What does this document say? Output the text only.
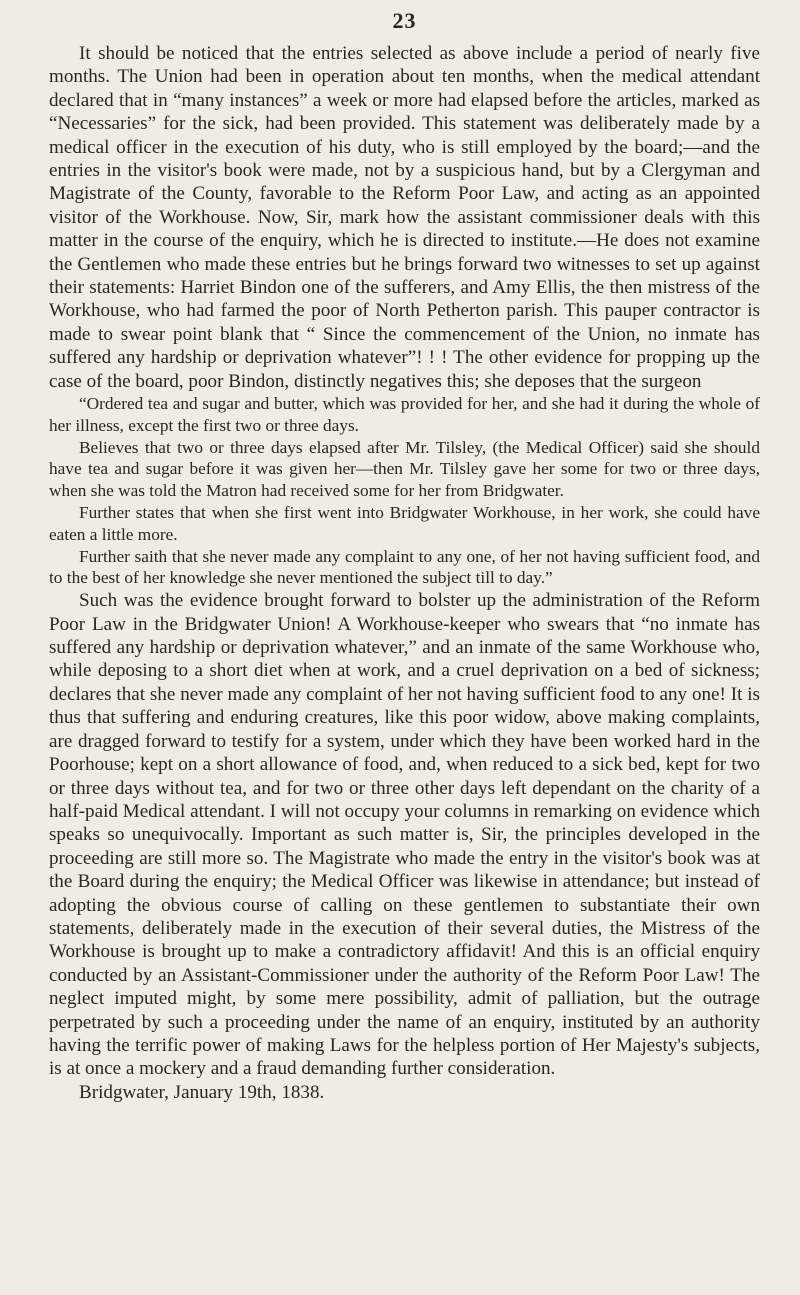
23

It should be noticed that the entries selected as above include a period of nearly five months. The Union had been in operation about ten months, when the medical attendant declared that in “many instances” a week or more had elapsed before the articles, marked as “Necessaries” for the sick, had been provided. This statement was deliberately made by a medical officer in the execution of his duty, who is still employed by the board;—and the entries in the visitor's book were made, not by a suspicious hand, but by a Clergyman and Magistrate of the County, favorable to the Reform Poor Law, and acting as an appointed visitor of the Workhouse. Now, Sir, mark how the assistant commissioner deals with this matter in the course of the enquiry, which he is directed to institute.—He does not examine the Gentlemen who made these entries but he brings forward two witnesses to set up against their statements: Harriet Bindon one of the sufferers, and Amy Ellis, the then mistress of the Workhouse, who had farmed the poor of North Petherton parish. This pauper contractor is made to swear point blank that “ Since the commencement of the Union, no inmate has suffered any hardship or deprivation whatever”! ! ! The other evidence for propping up the case of the board, poor Bindon, distinctly negatives this; she deposes that the surgeon

“Ordered tea and sugar and butter, which was provided for her, and she had it during the whole of her illness, except the first two or three days.

Believes that two or three days elapsed after Mr. Tilsley, (the Medical Officer) said she should have tea and sugar before it was given her—then Mr. Tilsley gave her some for two or three days, when she was told the Matron had received some for her from Bridgwater.

Further states that when she first went into Bridgwater Workhouse, in her work, she could have eaten a little more.

Further saith that she never made any complaint to any one, of her not having sufficient food, and to the best of her knowledge she never mentioned the subject till to day.”

Such was the evidence brought forward to bolster up the administration of the Reform Poor Law in the Bridgwater Union! A Workhouse-keeper who swears that “no inmate has suffered any hardship or deprivation whatever,” and an inmate of the same Workhouse who, while deposing to a short diet when at work, and a cruel deprivation on a bed of sickness; declares that she never made any complaint of her not having sufficient food to any one! It is thus that suffering and enduring creatures, like this poor widow, above making complaints, are dragged forward to testify for a system, under which they have been worked hard in the Poorhouse; kept on a short allowance of food, and, when reduced to a sick bed, kept for two or three days without tea, and for two or three other days left dependant on the charity of a half-paid Medical attendant. I will not occupy your columns in remarking on evidence which speaks so unequivocally. Important as such matter is, Sir, the principles developed in the proceeding are still more so. The Magistrate who made the entry in the visitor's book was at the Board during the enquiry; the Medical Officer was likewise in attendance; but instead of adopting the obvious course of calling on these gentlemen to substantiate their own statements, deliberately made in the execution of their several duties, the Mistress of the Workhouse is brought up to make a contradictory affidavit! And this is an official enquiry conducted by an Assistant-Commissioner under the authority of the Reform Poor Law! The neglect imputed might, by some mere possibility, admit of palliation, but the outrage perpetrated by such a proceeding under the name of an enquiry, instituted by an authority having the terrific power of making Laws for the helpless portion of Her Majesty's subjects, is at once a mockery and a fraud demanding further consideration.

Bridgwater, January 19th, 1838.
